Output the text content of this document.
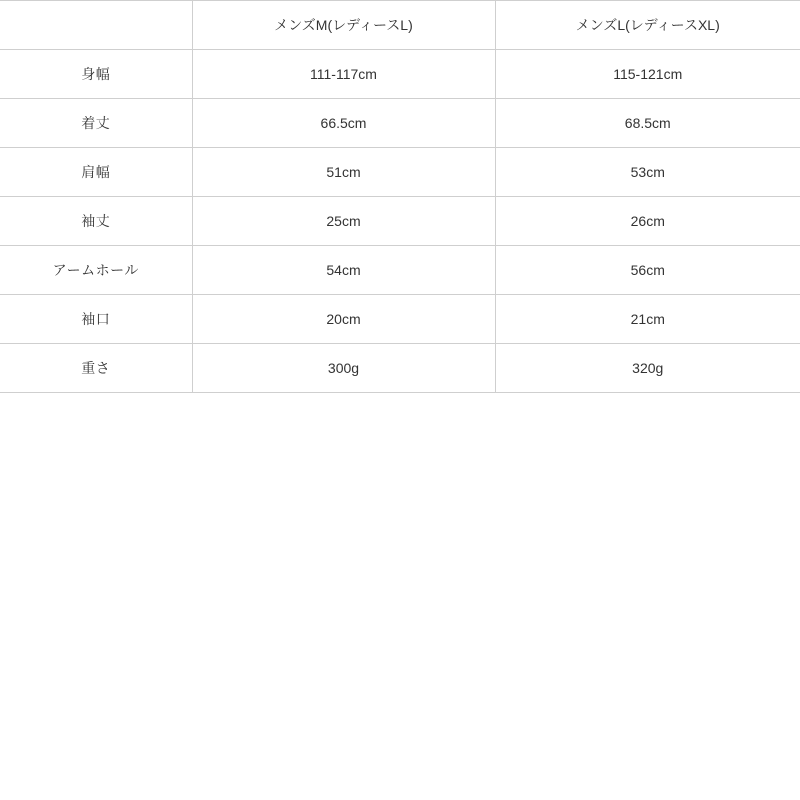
	メンズM(レディースL)	メンズL(レディースXL)
身幅	111-117cm	115-121cm
着丈	66.5cm	68.5cm
肩幅	51cm	53cm
袖丈	25cm	26cm
アームホール	54cm	56cm
袖口	20cm	21cm
重さ	300g	320g
